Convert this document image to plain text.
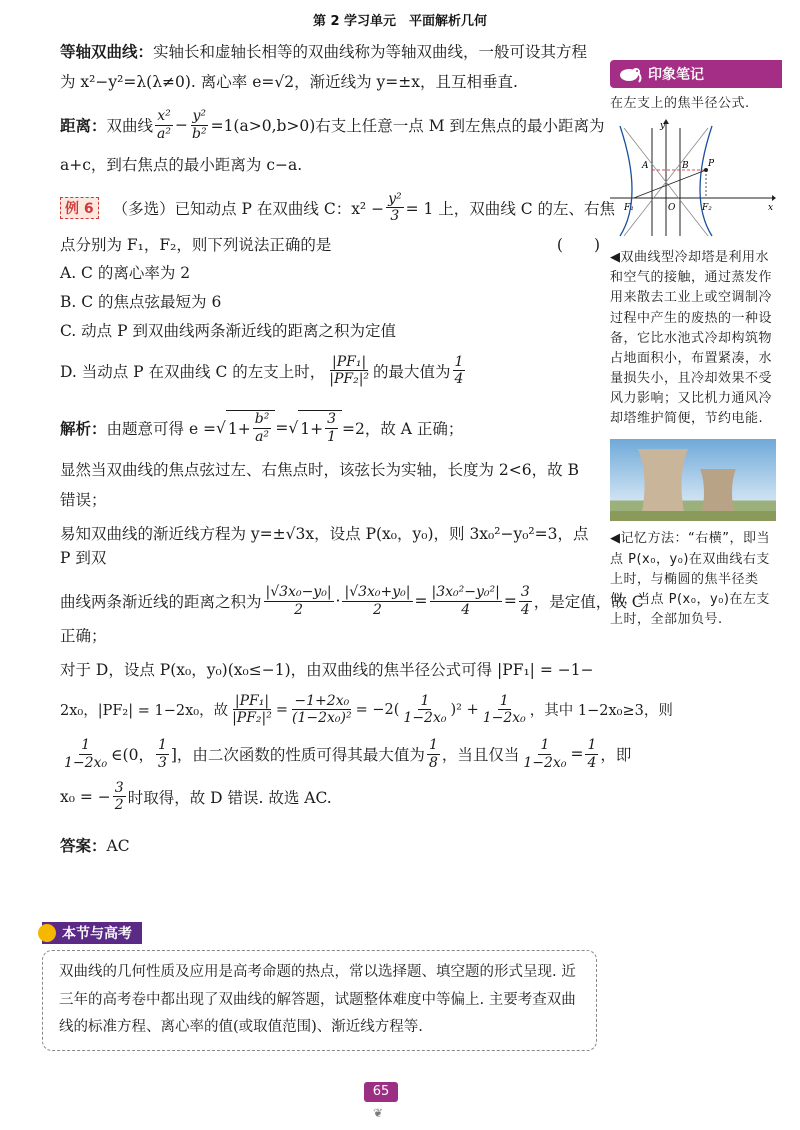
第 2 学习单元　平面解析几何

等轴双曲线：实轴长和虚轴长相等的双曲线称为等轴双曲线，一般可设其方程

为 x²−y²=λ(λ≠0). 离心率 e=√2，渐近线为 y=±x，且互相垂直.

距离： 双曲线 $\frac{\text{x²}}{\text{a²}} - \frac{\text{y²}}{\text{b²}} =1(a>0,b>0)$右支上任意一点 M 到左焦点的最小距离为

a+c，到右焦点的最小距离为 c−a.

例 6	（多选）已知动点 P 在双曲线 C：$x^2 - \frac{\text{y²}}{3} = 1$ 上，双曲线 C 的左、右焦
点分别为 F₁，F₂，则下列说法正确的是	(　　)

A. C 的离心率为 2

B. C 的焦点弦最短为 6

C. 动点 P 到双曲线两条渐近线的距离之积为定值

D. 当动点 P 在双曲线 C 的左支上时， $\frac{\text{|PF₁|}}{\text{|PF₂|²}}$ 的最大值为 $\frac{1}{4}$
解析： 由题意可得 e = √ $1+ \frac{\text{b²}}{\text{a²}}$ = √ $1+ \frac{3}{1} =2$，故 A 正确；

显然当双曲线的焦点弦过左、右焦点时，该弦长为实轴，长度为 2<6，故 B

错误；

易知双曲线的渐近线方程为 y=±√3x，设点 P(x₀，y₀)，则 3x₀²−y₀²=3，点 P 到双

曲线两条渐近线的距离之积为 $\frac{\text{|√3x₀−y₀|}}{2} \cdot \frac{\text{|√3x₀+y₀|}}{2} = \frac{\text{|3x₀²−y₀²|}}{4} = \frac{3}{4}$ ，是定值，故 C

正确；

对于 D，设点 P(x₀，y₀)(x₀≤−1)，由双曲线的焦半径公式可得 |PF₁| = −1−

2x₀，|PF₂| = 1−2x₀，故 $\frac{\text{|PF₁|}}{\text{|PF₂|²}} = \frac{\text{−1+2x₀}}{\text{(1−2x₀)²}} = -2( \frac{1}{\text{1−2x₀}} )^2 + \frac{1}{\text{1−2x₀}}$ ，其中 1−2x₀≥3，则
$\frac{1}{\text{1−2x₀}}$ ∈(0， $\frac{1}{3}$ ]，由二次函数的性质可得其最大值为 $\frac{1}{8}$ ，当且仅当 $\frac{1}{\text{1−2x₀}} = \frac{1}{4}$ ，即
x₀ = − $\frac{3}{2}$ 时取得，故 D 错误. 故选 AC.

答案：AC

印象笔记

在左支上的焦半径公式.

y
x
O
A	B P
F₁	F₂

◀双曲线型冷却塔是利用水和空气的接触，通过蒸发作用来散去工业上或空调制冷过程中产生的废热的一种设备，它比水池式冷却构筑物占地面积小，布置紧凑，水量损失小，且冷却效果不受风力影响；又比机力通风冷却塔维护简便，节约电能.

◀记忆方法：“右横”，即当点 P(x₀，y₀)在双曲线右支上时，与椭圆的焦半径类似，当点 P(x₀，y₀)在左支上时，全部加负号.

本节与高考
双曲线的几何性质及应用是高考命题的热点，常以选择题、填空题的形式呈现. 近三年的高考卷中都出现了双曲线的解答题，试题整体难度中等偏上. 主要考查双曲线的标准方程、离心率的值(或取值范围)、渐近线方程等.
65
❦
